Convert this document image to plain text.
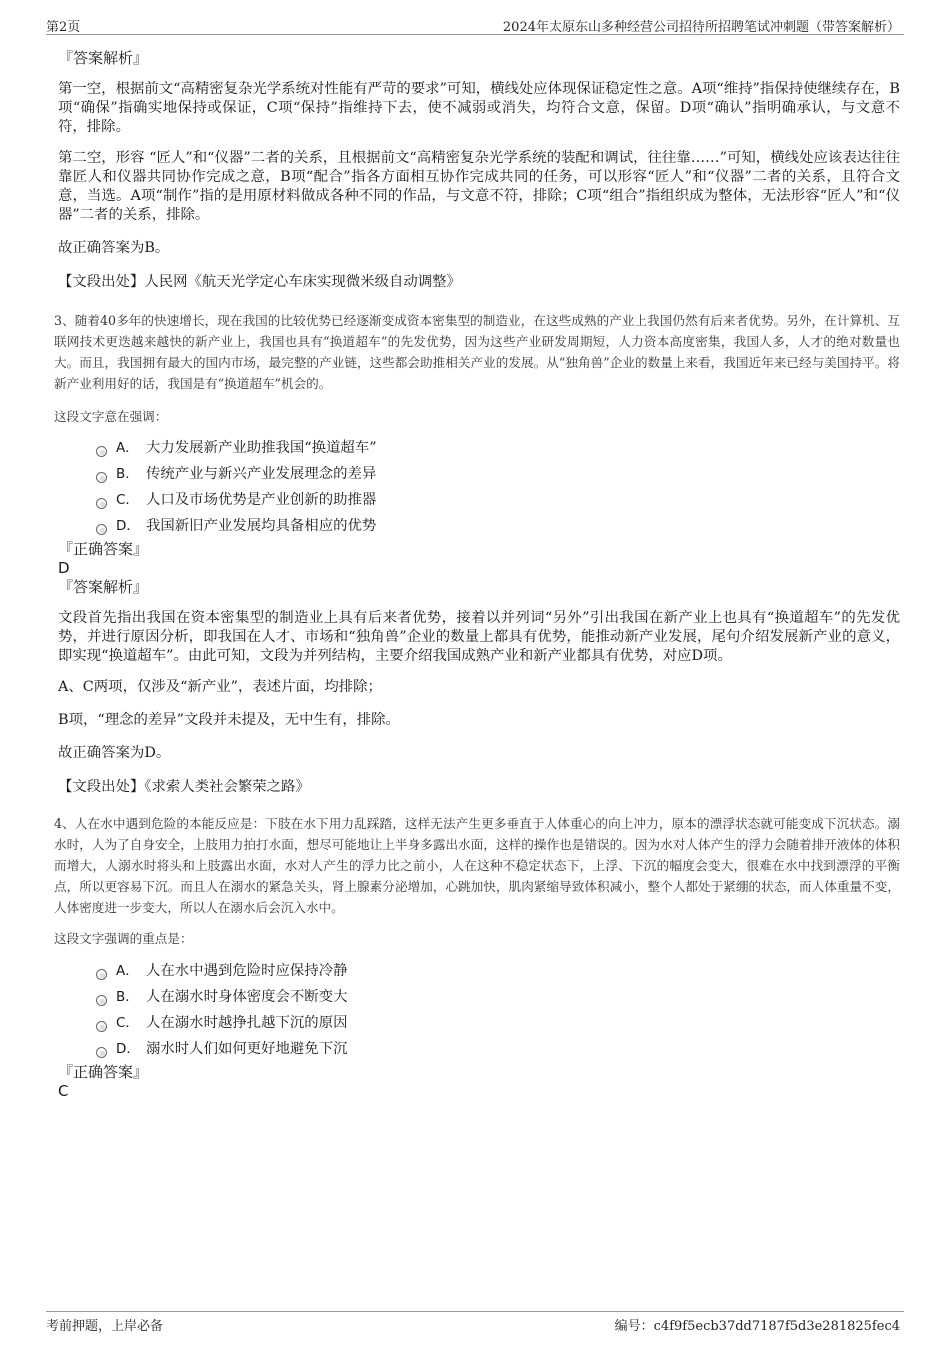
第2页	2024年太原东山多种经营公司招待所招聘笔试冲刺题（带答案解析）
『答案解析』

第一空，根据前文“高精密复杂光学系统对性能有严苛的要求”可知，横线处应体现保证稳定性之意。A项“维持”指保持使继续存在，B项“确保”指确实地保持或保证，C项“保持”指维持下去，使不减弱或消失，均符合文意，保留。D项“确认”指明确承认，与文意不符，排除。

第二空，形容 “匠人”和“仪器”二者的关系，且根据前文“高精密复杂光学系统的装配和调试，往往靠……”可知，横线处应该表达往往靠匠人和仪器共同协作完成之意，B项“配合”指各方面相互协作完成共同的任务，可以形容“匠人”和“仪器”二者的关系，且符合文意，当选。A项“制作”指的是用原材料做成各种不同的作品，与文意不符，排除；C项“组合”指组织成为整体，无法形容“匠人”和“仪器”二者的关系，排除。

故正确答案为B。
【文段出处】人民网《航天光学定心车床实现微米级自动调整》

3、随着40多年的快速增长，现在我国的比较优势已经逐渐变成资本密集型的制造业，在这些成熟的产业上我国仍然有后来者优势。另外，在计算机、互联网技术更迭越来越快的新产业上，我国也具有“换道超车”的先发优势，因为这些产业研发周期短，人力资本高度密集，我国人多，人才的绝对数量也大。而且，我国拥有最大的国内市场，最完整的产业链，这些都会助推相关产业的发展。从“独角兽”企业的数量上来看，我国近年来已经与美国持平。将新产业利用好的话，我国是有“换道超车”机会的。

这段文字意在强调：

A． 大力发展新产业助推我国“换道超车”
B． 传统产业与新兴产业发展理念的差异
C． 人口及市场优势是产业创新的助推器
D． 我国新旧产业发展均具备相应的优势
『正确答案』
D
『答案解析』

文段首先指出我国在资本密集型的制造业上具有后来者优势，接着以并列词“另外”引出我国在新产业上也具有“换道超车”的先发优势，并进行原因分析，即我国在人才、市场和“独角兽”企业的数量上都具有优势，能推动新产业发展，尾句介绍发展新产业的意义，即实现“换道超车”。由此可知，文段为并列结构，主要介绍我国成熟产业和新产业都具有优势，对应D项。

A、C两项，仅涉及“新产业”，表述片面，均排除；

B项，“理念的差异”文段并未提及，无中生有，排除。

故正确答案为D。
【文段出处】《求索人类社会繁荣之路》

4、人在水中遇到危险的本能反应是：下肢在水下用力乱踩踏，这样无法产生更多垂直于人体重心的向上冲力，原本的漂浮状态就可能变成下沉状态。溺水时，人为了自身安全，上肢用力拍打水面，想尽可能地让上半身多露出水面，这样的操作也是错误的。因为水对人体产生的浮力会随着排开液体的体积而增大，人溺水时将头和上肢露出水面，水对人产生的浮力比之前小，人在这种不稳定状态下，上浮、下沉的幅度会变大，很难在水中找到漂浮的平衡点，所以更容易下沉。而且人在溺水的紧急关头，肾上腺素分泌增加，心跳加快，肌肉紧缩导致体积减小，整个人都处于紧绷的状态，而人体重量不变，人体密度进一步变大，所以人在溺水后会沉入水中。

这段文字强调的重点是：

A． 人在水中遇到危险时应保持冷静
B． 人在溺水时身体密度会不断变大
C． 人在溺水时越挣扎越下沉的原因
D． 溺水时人们如何更好地避免下沉
『正确答案』
C
考前押题，上岸必备	编号：c4f9f5ecb37dd7187f5d3e281825fec4
